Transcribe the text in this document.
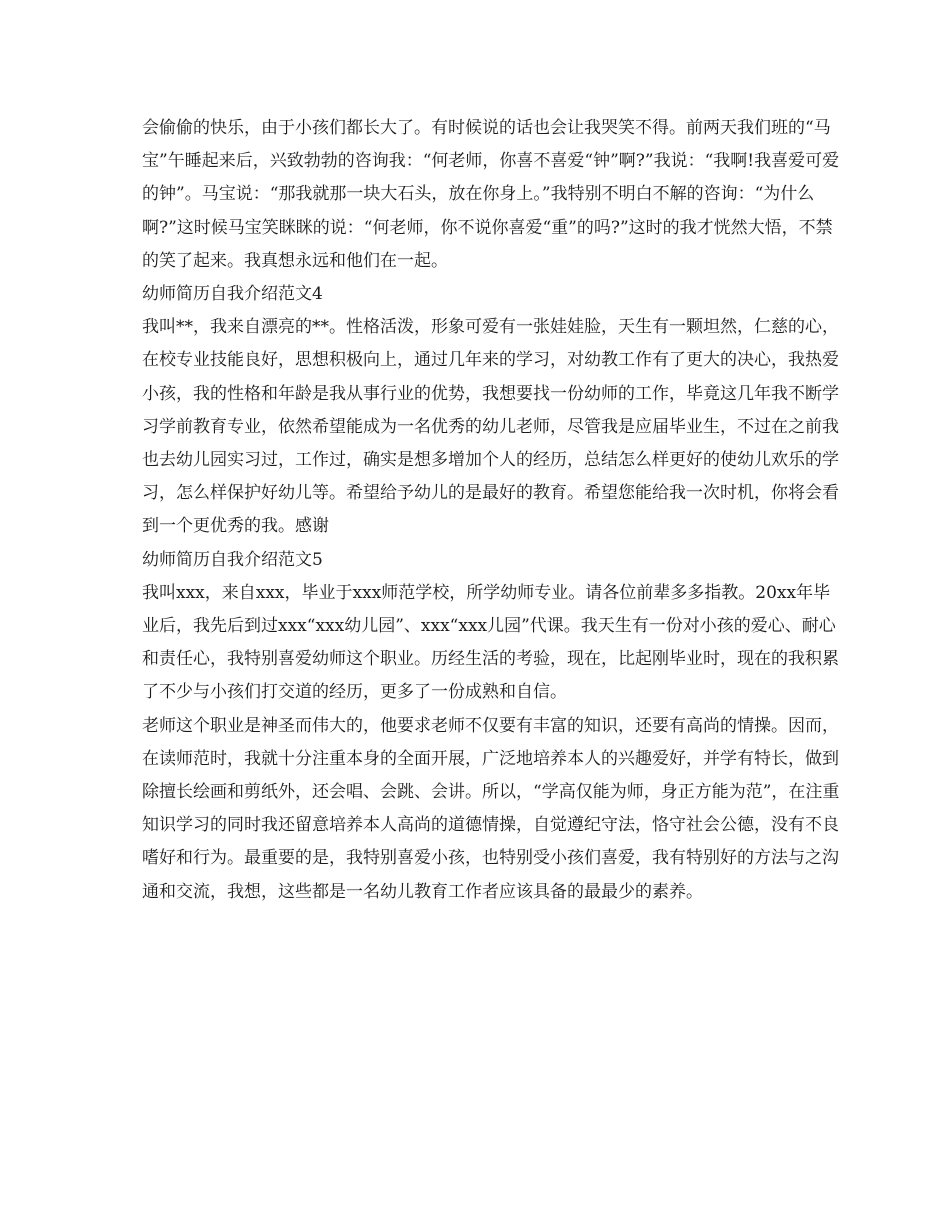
会偷偷的快乐，由于小孩们都长大了。有时候说的话也会让我哭笑不得。前两天我们班的“马宝”午睡起来后，兴致勃勃的咨询我：“何老师，你喜不喜爱“钟”啊?”我说：“我啊!我喜爱可爱的钟”。马宝说：“那我就那一块大石头，放在你身上。”我特别不明白不解的咨询：“为什么啊?”这时候马宝笑眯眯的说：“何老师，你不说你喜爱“重”的吗?”这时的我才恍然大悟，不禁的笑了起来。我真想永远和他们在一起。

幼师简历自我介绍范文4

我叫**，我来自漂亮的**。性格活泼，形象可爱有一张娃娃脸，天生有一颗坦然，仁慈的心，在校专业技能良好，思想积极向上，通过几年来的学习，对幼教工作有了更大的决心，我热爱小孩，我的性格和年龄是我从事行业的优势，我想要找一份幼师的工作，毕竟这几年我不断学习学前教育专业，依然希望能成为一名优秀的幼儿老师，尽管我是应届毕业生，不过在之前我也去幼儿园实习过，工作过，确实是想多增加个人的经历，总结怎么样更好的使幼儿欢乐的学习，怎么样保护好幼儿等。希望给予幼儿的是最好的教育。希望您能给我一次时机，你将会看到一个更优秀的我。感谢

幼师简历自我介绍范文5

我叫xxx，来自xxx，毕业于xxx师范学校，所学幼师专业。请各位前辈多多指教。20xx年毕业后，我先后到过xxx“xxx幼儿园”、xxx“xxx儿园”代课。我天生有一份对小孩的爱心、耐心和责任心，我特别喜爱幼师这个职业。历经生活的考验，现在，比起刚毕业时，现在的我积累了不少与小孩们打交道的经历，更多了一份成熟和自信。

老师这个职业是神圣而伟大的，他要求老师不仅要有丰富的知识，还要有高尚的情操。因而，在读师范时，我就十分注重本身的全面开展，广泛地培养本人的兴趣爱好，并学有特长，做到除擅长绘画和剪纸外，还会唱、会跳、会讲。所以，“学高仅能为师，身正方能为范”，在注重知识学习的同时我还留意培养本人高尚的道德情操，自觉遵纪守法，恪守社会公德，没有不良嗜好和行为。最重要的是，我特别喜爱小孩，也特别受小孩们喜爱，我有特别好的方法与之沟通和交流，我想，这些都是一名幼儿教育工作者应该具备的最最少的素养。
